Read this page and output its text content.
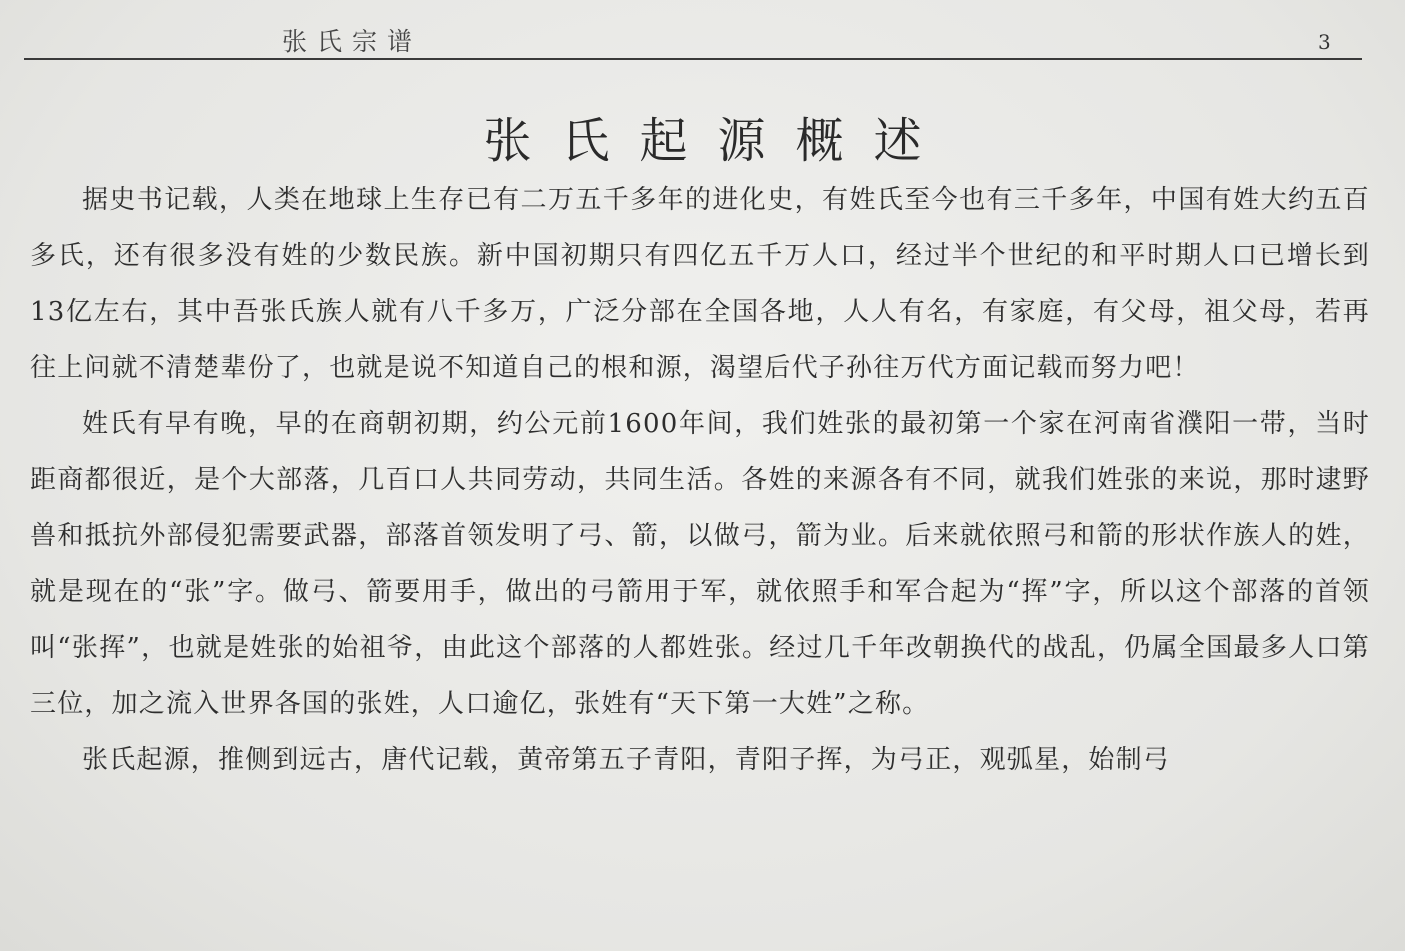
张氏宗谱	3
张氏起源概述

据史书记载，人类在地球上生存已有二万五千多年的进化史，有姓氏至今也有三千多年，中国有姓大约五百多氏，还有很多没有姓的少数民族。新中国初期只有四亿五千万人口，经过半个世纪的和平时期人口已增长到13亿左右，其中吾张氏族人就有八千多万，广泛分部在全国各地，人人有名，有家庭，有父母，祖父母，若再往上问就不清楚辈份了，也就是说不知道自己的根和源，渴望后代子孙往万代方面记载而努力吧！

姓氏有早有晚，早的在商朝初期，约公元前1600年间，我们姓张的最初第一个家在河南省濮阳一带，当时距商都很近，是个大部落，几百口人共同劳动，共同生活。各姓的来源各有不同，就我们姓张的来说，那时逮野兽和抵抗外部侵犯需要武器，部落首领发明了弓、箭，以做弓，箭为业。后来就依照弓和箭的形状作族人的姓，就是现在的“张”字。做弓、箭要用手，做出的弓箭用于军，就依照手和军合起为“挥”字，所以这个部落的首领叫“张挥”，也就是姓张的始祖爷，由此这个部落的人都姓张。经过几千年改朝换代的战乱，仍属全国最多人口第三位，加之流入世界各国的张姓，人口逾亿，张姓有“天下第一大姓”之称。

张氏起源，推侧到远古，唐代记载，黄帝第五子青阳，青阳子挥，为弓正，观弧星，始制弓
